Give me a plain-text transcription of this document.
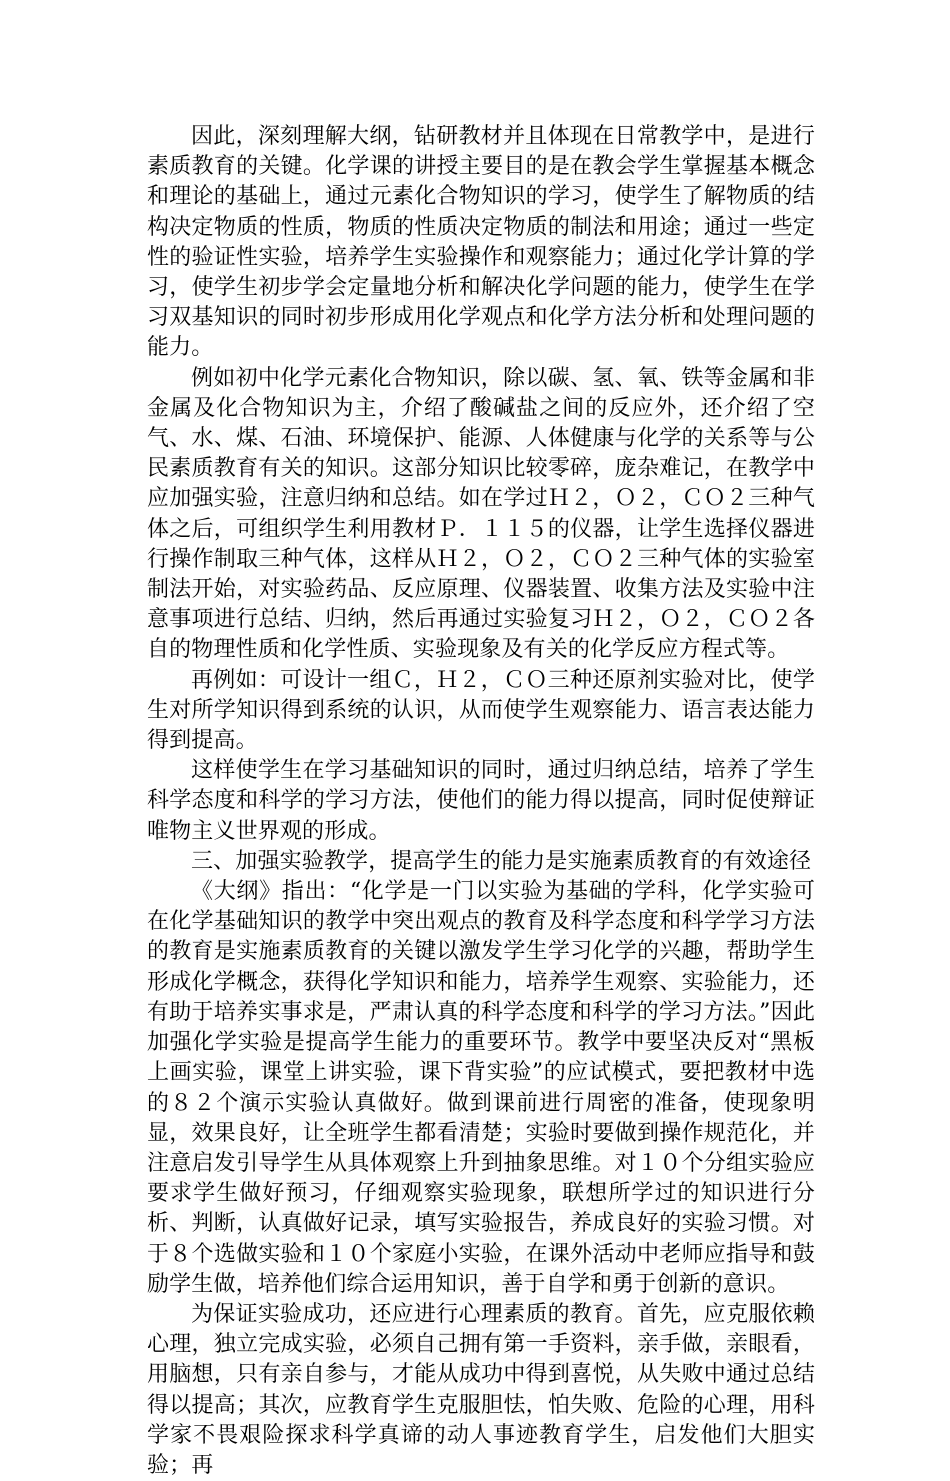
因此，深刻理解大纲，钻研教材并且体现在日常教学中，是进行素质教育的关键。化学课的讲授主要目的是在教会学生掌握基本概念和理论的基础上，通过元素化合物知识的学习，使学生了解物质的结构决定物质的性质，物质的性质决定物质的制法和用途；通过一些定性的验证性实验，培养学生实验操作和观察能力；通过化学计算的学习，使学生初步学会定量地分析和解决化学问题的能力，使学生在学习双基知识的同时初步形成用化学观点和化学方法分析和处理问题的能力。

例如初中化学元素化合物知识，除以碳、氢、氧、铁等金属和非金属及化合物知识为主，介绍了酸碱盐之间的反应外，还介绍了空气、水、煤、石油、环境保护、能源、人体健康与化学的关系等与公民素质教育有关的知识。这部分知识比较零碎，庞杂难记，在教学中应加强实验，注意归纳和总结。如在学过Ｈ２，Ｏ２，ＣＯ２三种气体之后，可组织学生利用教材Ｐ．１１５的仪器，让学生选择仪器进行操作制取三种气体，这样从Ｈ２，Ｏ２，ＣＯ２三种气体的实验室制法开始，对实验药品、反应原理、仪器装置、收集方法及实验中注意事项进行总结、归纳，然后再通过实验复习Ｈ２，Ｏ２，ＣＯ２各自的物理性质和化学性质、实验现象及有关的化学反应方程式等。

再例如：可设计一组Ｃ，Ｈ２，ＣＯ三种还原剂实验对比，使学生对所学知识得到系统的认识，从而使学生观察能力、语言表达能力得到提高。

这样使学生在学习基础知识的同时，通过归纳总结，培养了学生科学态度和科学的学习方法，使他们的能力得以提高，同时促使辩证唯物主义世界观的形成。

三、加强实验教学，提高学生的能力是实施素质教育的有效途径

《大纲》指出：“化学是一门以实验为基础的学科，化学实验可在化学基础知识的教学中突出观点的教育及科学态度和科学学习方法的教育是实施素质教育的关键以激发学生学习化学的兴趣，帮助学生形成化学概念，获得化学知识和能力，培养学生观察、实验能力，还有助于培养实事求是，严肃认真的科学态度和科学的学习方法。”因此加强化学实验是提高学生能力的重要环节。教学中要坚决反对“黑板上画实验，课堂上讲实验，课下背实验”的应试模式，要把教材中选的８２个演示实验认真做好。做到课前进行周密的准备，使现象明显，效果良好，让全班学生都看清楚；实验时要做到操作规范化，并注意启发引导学生从具体观察上升到抽象思维。对１０个分组实验应要求学生做好预习，仔细观察实验现象，联想所学过的知识进行分析、判断，认真做好记录，填写实验报告，养成良好的实验习惯。对于８个选做实验和１０个家庭小实验，在课外活动中老师应指导和鼓励学生做，培养他们综合运用知识，善于自学和勇于创新的意识。

为保证实验成功，还应进行心理素质的教育。首先，应克服依赖心理，独立完成实验，必须自己拥有第一手资料，亲手做，亲眼看，用脑想，只有亲自参与，才能从成功中得到喜悦，从失败中通过总结得以提高；其次，应教育学生克服胆怯，怕失败、危险的心理，用科学家不畏艰险探求科学真谛的动人事迹教育学生，启发他们大胆实验；再
